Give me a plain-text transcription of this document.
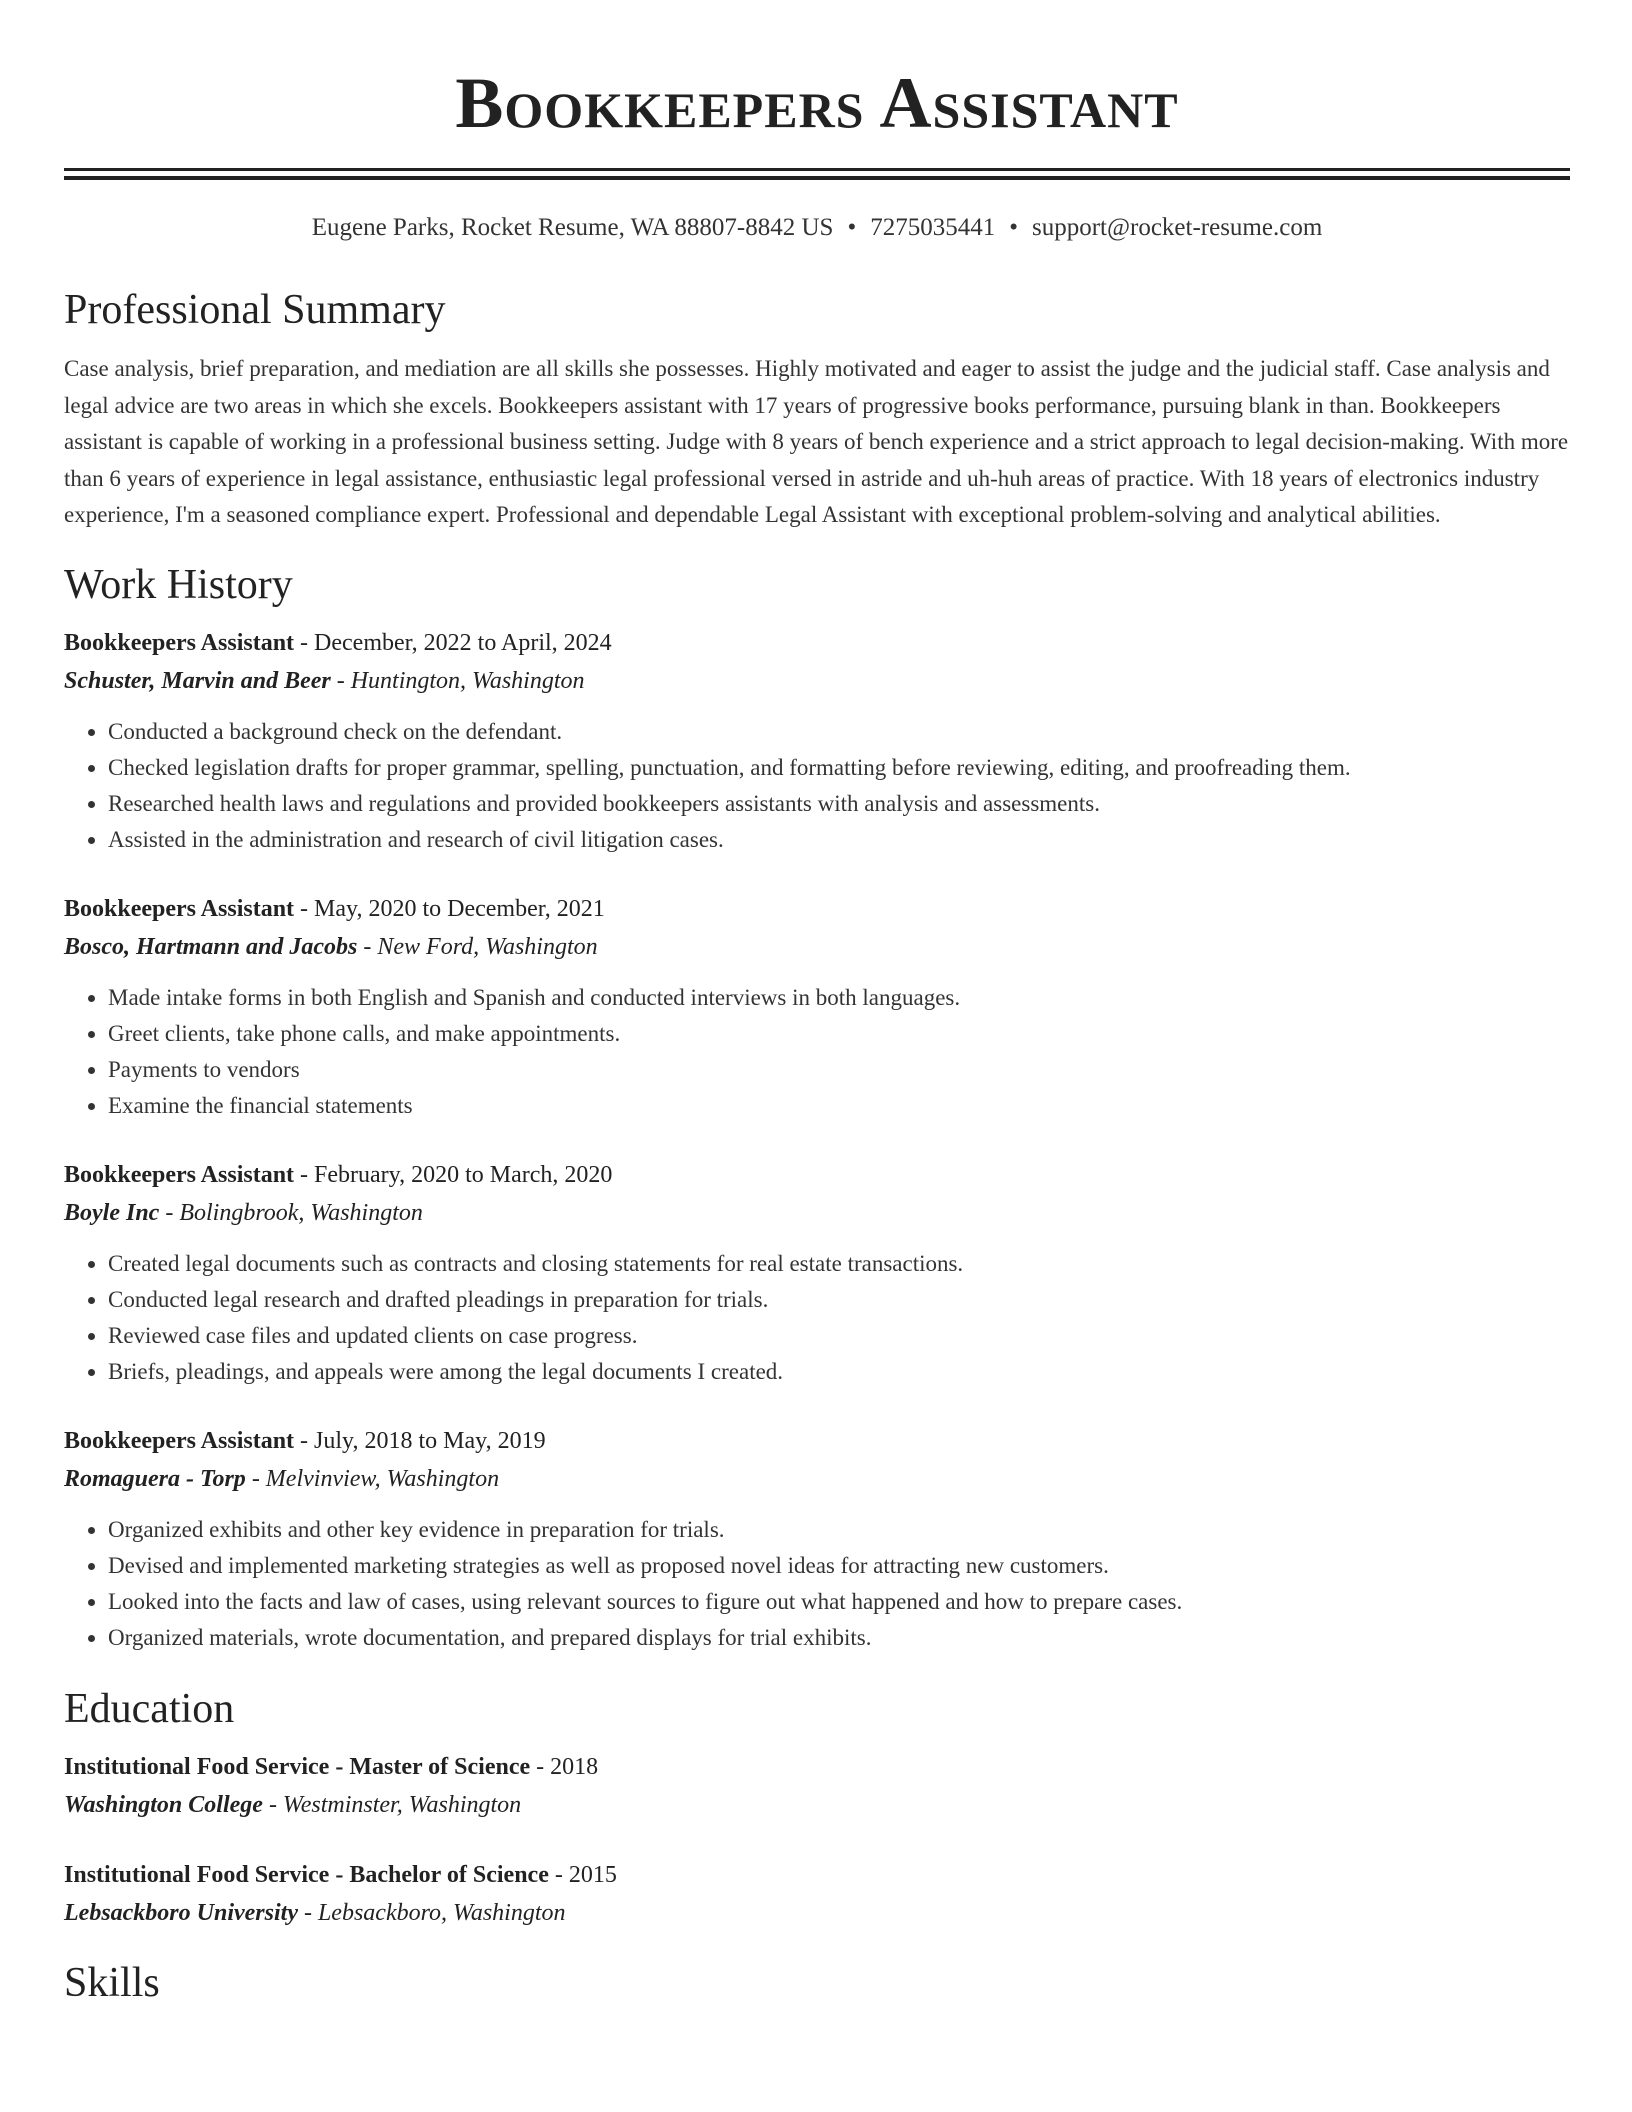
Bookkeepers Assistant
Eugene Parks, Rocket Resume, WA 88807-8842 US • 7275035441 • support@rocket-resume.com
Professional Summary
Case analysis, brief preparation, and mediation are all skills she possesses. Highly motivated and eager to assist the judge and the judicial staff. Case analysis and legal advice are two areas in which she excels. Bookkeepers assistant with 17 years of progressive books performance, pursuing blank in than. Bookkeepers assistant is capable of working in a professional business setting. Judge with 8 years of bench experience and a strict approach to legal decision-making. With more than 6 years of experience in legal assistance, enthusiastic legal professional versed in astride and uh-huh areas of practice. With 18 years of electronics industry experience, I'm a seasoned compliance expert. Professional and dependable Legal Assistant with exceptional problem-solving and analytical abilities.
Work History
Bookkeepers Assistant - December, 2022 to April, 2024
Schuster, Marvin and Beer - Huntington, Washington
• Conducted a background check on the defendant.
• Checked legislation drafts for proper grammar, spelling, punctuation, and formatting before reviewing, editing, and proofreading them.
• Researched health laws and regulations and provided bookkeepers assistants with analysis and assessments.
• Assisted in the administration and research of civil litigation cases.
Bookkeepers Assistant - May, 2020 to December, 2021
Bosco, Hartmann and Jacobs - New Ford, Washington
• Made intake forms in both English and Spanish and conducted interviews in both languages.
• Greet clients, take phone calls, and make appointments.
• Payments to vendors
• Examine the financial statements
Bookkeepers Assistant - February, 2020 to March, 2020
Boyle Inc - Bolingbrook, Washington
• Created legal documents such as contracts and closing statements for real estate transactions.
• Conducted legal research and drafted pleadings in preparation for trials.
• Reviewed case files and updated clients on case progress.
• Briefs, pleadings, and appeals were among the legal documents I created.
Bookkeepers Assistant - July, 2018 to May, 2019
Romaguera - Torp - Melvinview, Washington
• Organized exhibits and other key evidence in preparation for trials.
• Devised and implemented marketing strategies as well as proposed novel ideas for attracting new customers.
• Looked into the facts and law of cases, using relevant sources to figure out what happened and how to prepare cases.
• Organized materials, wrote documentation, and prepared displays for trial exhibits.
Education
Institutional Food Service - Master of Science - 2018
Washington College - Westminster, Washington
Institutional Food Service - Bachelor of Science - 2015
Lebsackboro University - Lebsackboro, Washington
Skills
